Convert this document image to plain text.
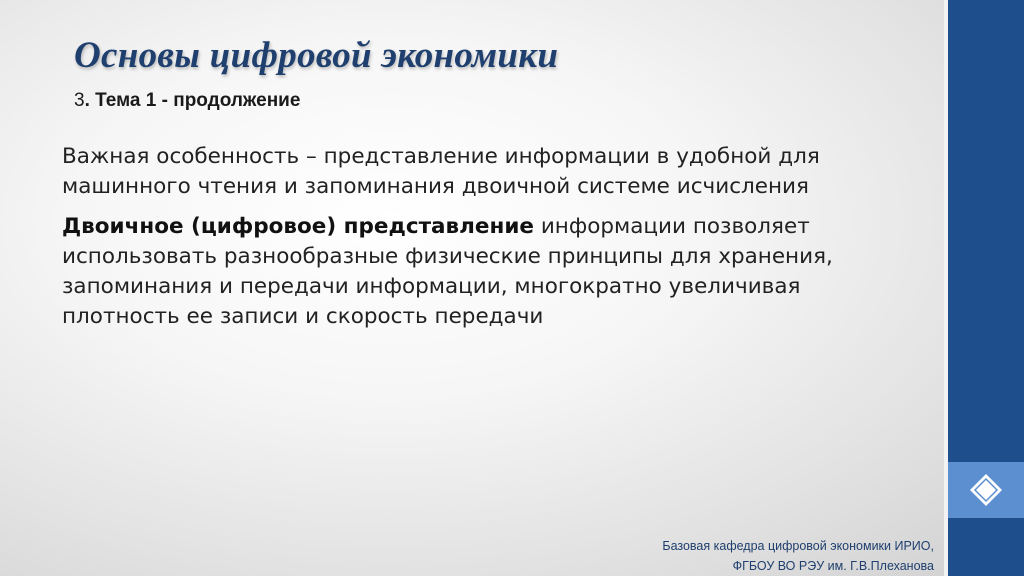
Основы цифровой экономики
3. Тема 1 - продолжение

Важная особенность – представление информации в удобной для машинного чтения и запоминания двоичной системе исчисления

Двоичное (цифровое) представление информации позволяет использовать разнообразные физические принципы для хранения, запоминания и передачи информации, многократно увеличивая плотность ее записи и скорость передачи

Базовая кафедра цифровой экономики ИРИО,
ФГБОУ ВО РЭУ им. Г.В.Плеханова
